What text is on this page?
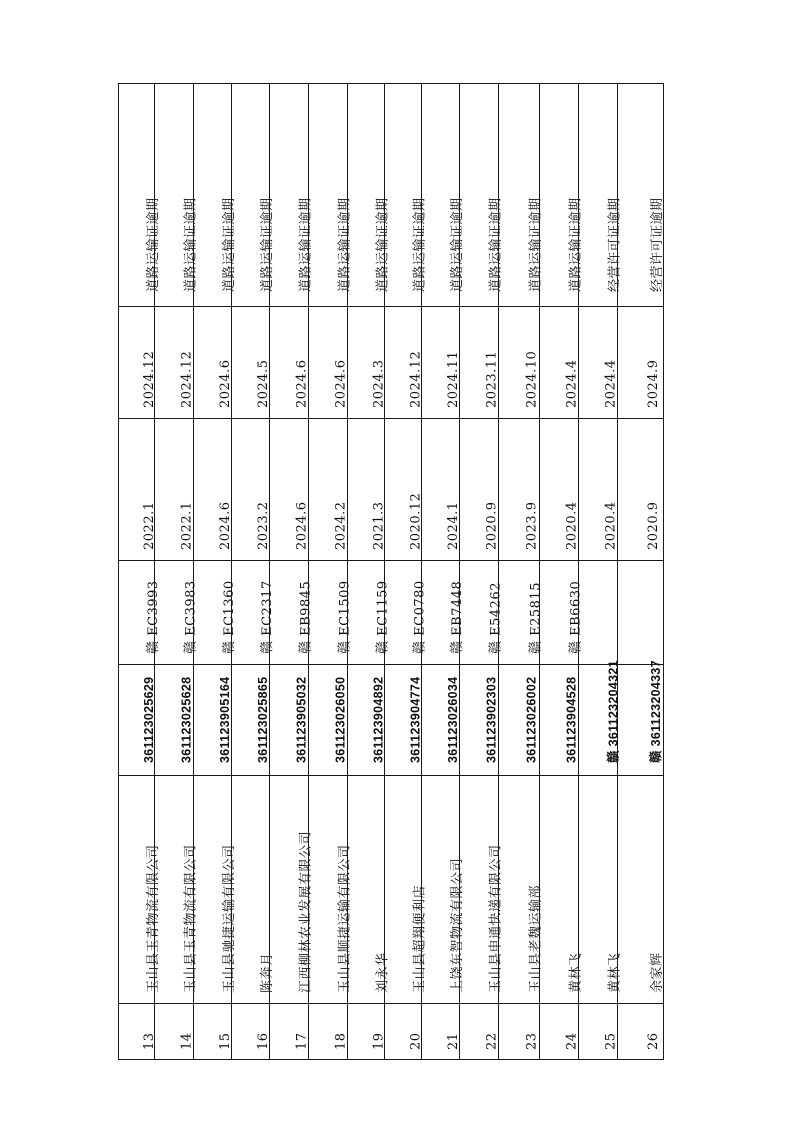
道路运输证逾期
2024.12
2022.1
赣 EC3993
361123025629
玉山县玉青物流有限公司
13
道路运输证逾期
2024.12
2022.1
赣 EC3983
361123025628
玉山县玉青物流有限公司
14
道路运输证逾期
2024.6
2024.6
赣 EC1360
361123905164
玉山县驰捷运输有限公司
15
道路运输证逾期
2024.5
2023.2
赣 EC2317
361123025865
陈奔月
16
道路运输证逾期
2024.6
2024.6
赣 EB9845
361123905032
江西柳林农业发展有限公司
17
道路运输证逾期
2024.6
2024.2
赣 EC1509
361123026050
玉山县顺捷运输有限公司
18
道路运输证逾期
2024.3
2021.3
赣 EC1159
361123904892
刘永华
19
道路运输证逾期
2024.12
2020.12
赣 EC0780
361123904774
玉山县超翔便利店
20
道路运输证逾期
2024.11
2024.1
赣 EB7448
361123026034
上饶东智物流有限公司
21
道路运输证逾期
2023.11
2020.9
赣 E54262
361123902303
玉山县申通快递有限公司
22
道路运输证逾期
2024.10
2023.9
赣 E25815
361123026002
玉山县老魏运输部
23
道路运输证逾期
2024.4
2020.4
赣 EB6630
361123904528
黄林飞
24
经营许可证逾期
2024.4
2020.4
赣 361123204321
黄林飞
25
经营许可证逾期
2024.9
2020.9
赣 361123204337
余家辉
26
